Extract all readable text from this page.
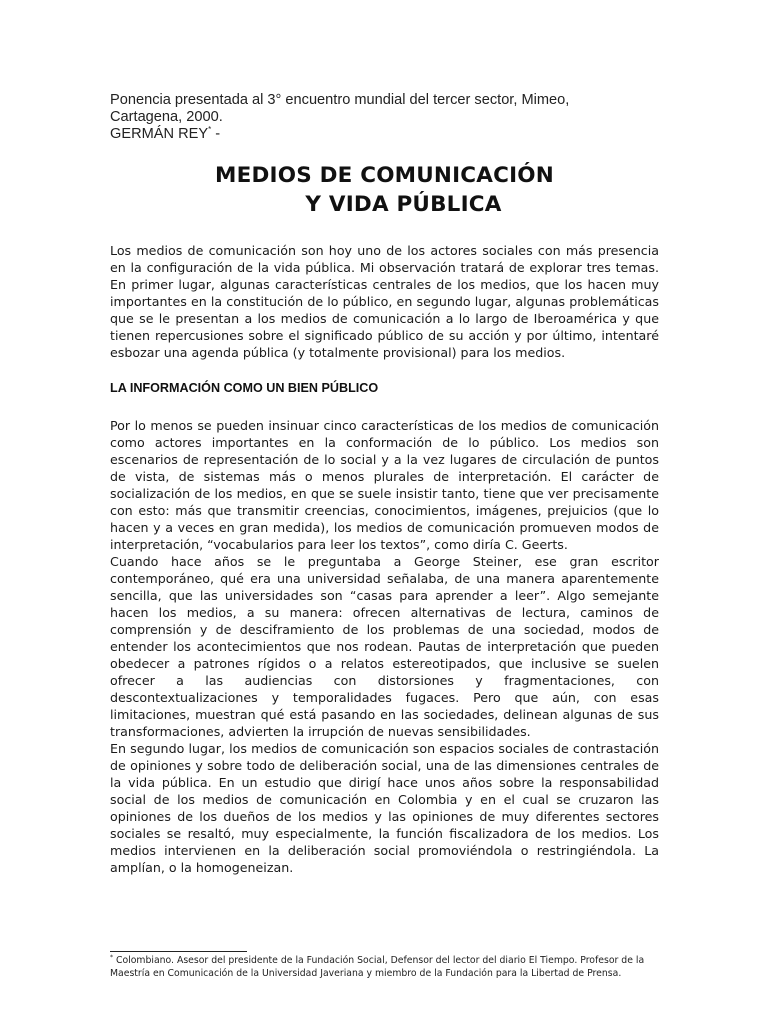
Ponencia presentada al 3° encuentro mundial del tercer sector, Mimeo,
Cartagena, 2000.
GERMÁN REY* -
MEDIOS DE COMUNICACIÓN
Y VIDA PÚBLICA

Los medios de comunicación son hoy uno de los actores sociales con más presencia en la configuración de la vida pública. Mi observación tratará de explorar tres temas. En primer lugar, algunas características centrales de los medios, que los hacen muy importantes en la constitución de lo público, en segundo lugar, algunas problemáticas que se le presentan a los medios de comunicación a lo largo de Iberoamérica y que tienen repercusiones sobre el significado público de su acción y por último, intentaré esbozar una agenda pública (y totalmente provisional) para los medios.

LA INFORMACIÓN COMO UN BIEN PÚBLICO

Por lo menos se pueden insinuar cinco características de los medios de comunicación como actores importantes en la conformación de lo público. Los medios son escenarios de representación de lo social y a la vez lugares de circulación de puntos de vista, de sistemas más o menos plurales de interpretación. El carácter de socialización de los medios, en que se suele insistir tanto, tiene que ver precisamente con esto: más que transmitir creencias, conocimientos, imágenes, prejuicios (que lo hacen y a veces en gran medida), los medios de comunicación promueven modos de interpretación, “vocabularios para leer los textos”, como diría C. Geerts.

Cuando hace años se le preguntaba a George Steiner, ese gran escritor contemporáneo, qué era una universidad señalaba, de una manera aparentemente sencilla, que las universidades son “casas para aprender a leer”. Algo semejante hacen los medios, a su manera: ofrecen alternativas de lectura, caminos de comprensión y de desciframiento de los problemas de una sociedad, modos de entender los acontecimientos que nos rodean. Pautas de interpretación que pueden obedecer a patrones rígidos o a relatos estereotipados, que inclusive se suelen ofrecer a las audiencias con distorsiones y fragmentaciones, con descontextualizaciones y temporalidades fugaces. Pero que aún, con esas limitaciones, muestran qué está pasando en las sociedades, delinean algunas de sus transformaciones, advierten la irrupción de nuevas sensibilidades.

En segundo lugar, los medios de comunicación son espacios sociales de contrastación de opiniones y sobre todo de deliberación social, una de las dimensiones centrales de la vida pública. En un estudio que dirigí hace unos años sobre la responsabilidad social de los medios de comunicación en Colombia y en el cual se cruzaron las opiniones de los dueños de los medios y las opiniones de muy diferentes sectores sociales se resaltó, muy especialmente, la función fiscalizadora de los medios. Los medios intervienen en la deliberación social promoviéndola o restringiéndola. La amplían, o la homogeneizan.

* Colombiano. Asesor del presidente de la Fundación Social, Defensor del lector del diario El Tiempo. Profesor de la Maestría en Comunicación de la Universidad Javeriana y miembro de la Fundación para la Libertad de Prensa.
